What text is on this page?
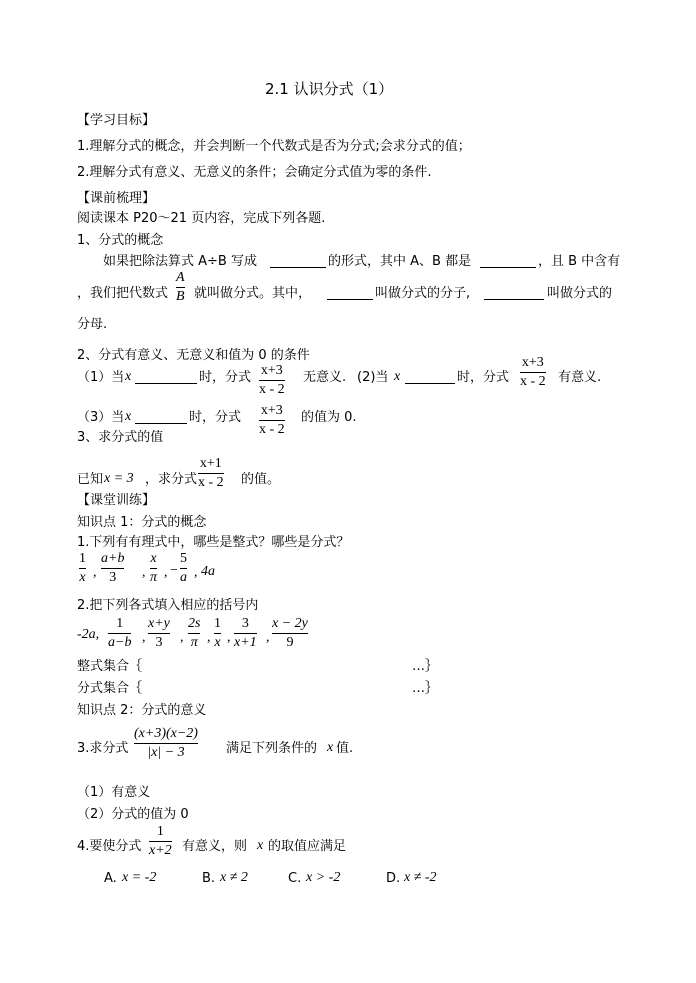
2.1 认识分式（1）
【学习目标】
1.理解分式的概念，并会判断一个代数式是否为分式;会求分式的值；
2.理解分式有意义、无意义的条件；会确定分式值为零的条件.
【课前梳理】
阅读课本 P20～21 页内容，完成下列各题.
1、分式的概念
如果把除法算式 A÷B 写成	的形式，其中 A、B 都是	，且 B 中含有
，我们把代数式
A
B 就叫做分式。其中，	叫做分式的分子,	叫做分式的
分母.
2、分式有意义、无意义和值为 0 的条件
（1）当 x	时，分式 x+3
x - 2
无意义. (2)当 x	时，分式
x+3
x - 2 有意义.
（3）当 x	时，分式 x+3
x - 2
的值为 0.
3、求分式的值
已知 x = 3 ，求分式
x+1
x - 2 的值。
【课堂训练】
知识点 1：分式的概念
1.下列有有理式中，哪些是整式？哪些是分式？
1
x ,
a+b
3	,
x
π , −
5
a , 4a
2.把下列各式填入相应的括号内
-2a,
1
a−b ,
x+y
3	,
2s
π ,
1
x ,
3
x+1 ,
x − 2y
9
整式集合｛	…｝
分式集合｛	…｝
知识点 2：分式的意义
3.求分式
(x+3)(x−2)
|x| − 3	满足下列条件的 x 值.
（1）有意义
（2）分式的值为 0
4.要使分式
1
x+2 有意义，则 x 的取值应满足
A. x = -2	B. x ≠ 2	C. x > -2	D. x ≠ -2
